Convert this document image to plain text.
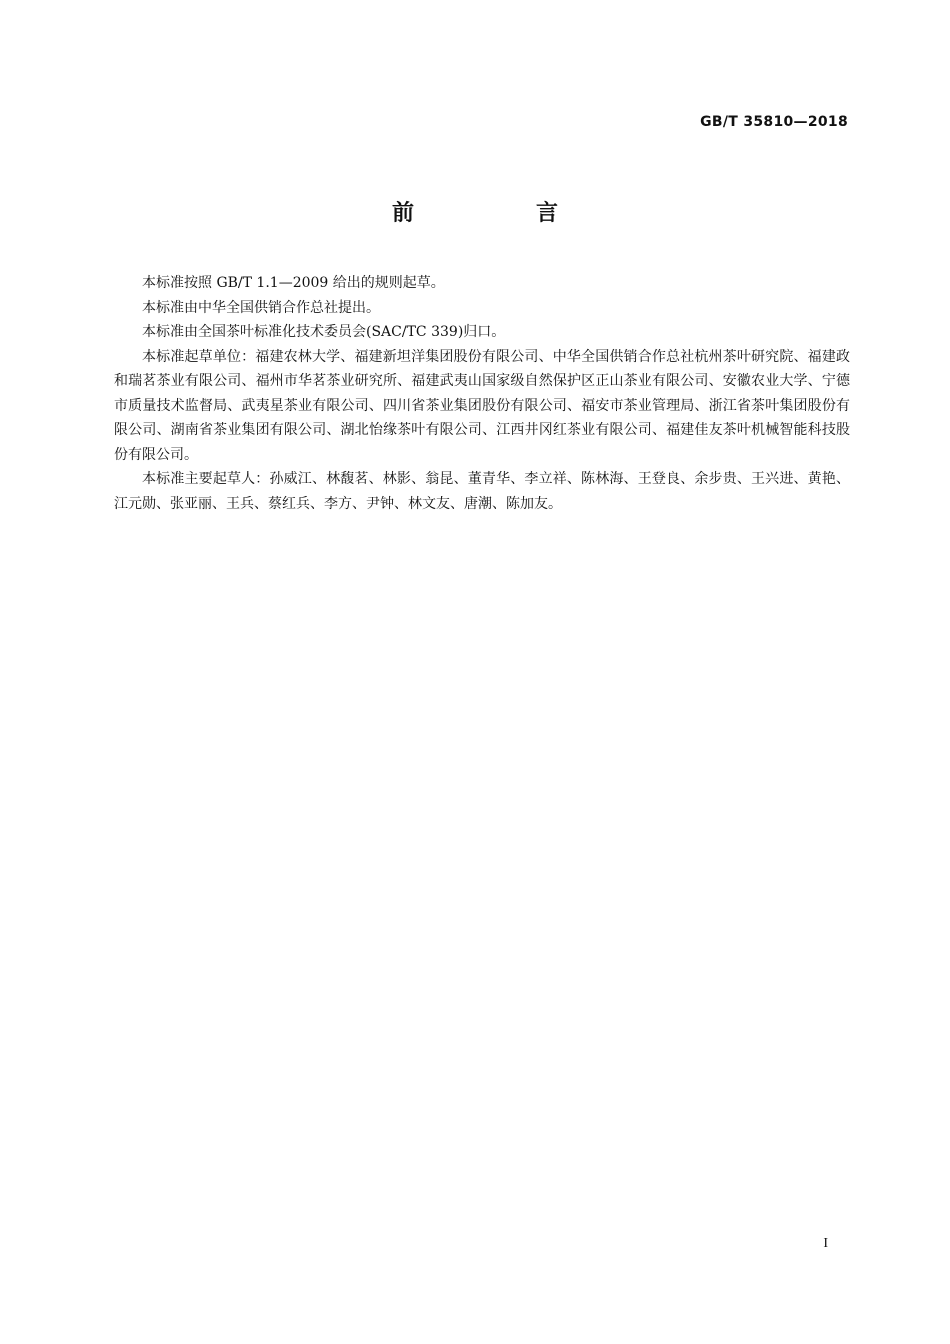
GB/T 35810—2018
前　言

本标准按照 GB/T 1.1—2009 给出的规则起草。

本标准由中华全国供销合作总社提出。

本标准由全国茶叶标准化技术委员会(SAC/TC 339)归口。

本标准起草单位：福建农林大学、福建新坦洋集团股份有限公司、中华全国供销合作总社杭州茶叶研究院、福建政和瑞茗茶业有限公司、福州市华茗茶业研究所、福建武夷山国家级自然保护区正山茶业有限公司、安徽农业大学、宁德市质量技术监督局、武夷星茶业有限公司、四川省茶业集团股份有限公司、福安市茶业管理局、浙江省茶叶集团股份有限公司、湖南省茶业集团有限公司、湖北怡缘茶叶有限公司、江西井冈红茶业有限公司、福建佳友茶叶机械智能科技股份有限公司。

本标准主要起草人：孙威江、林馥茗、林影、翁昆、董青华、李立祥、陈林海、王登良、余步贵、王兴进、黄艳、江元勋、张亚丽、王兵、蔡红兵、李方、尹钟、林文友、唐潮、陈加友。

I
